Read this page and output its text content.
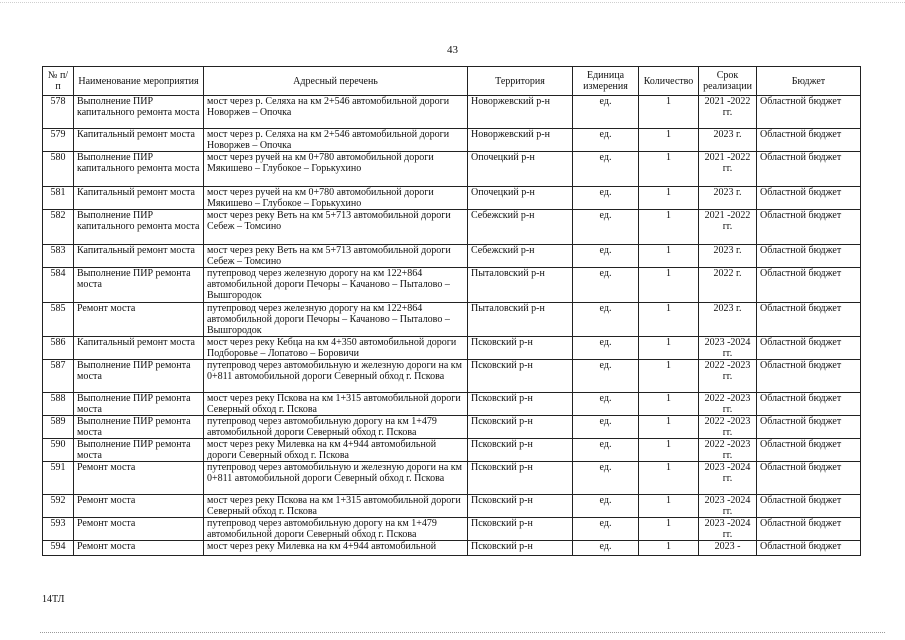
43
№ п/п	Наименование мероприятия	Адресный перечень	Территория	Единица измерения	Количество	Срок реализации	Бюджет
578	Выполнение ПИР капитального ремонта моста	мост через р. Селяха на км 2+546 автомобильной дороги Новоржев – Опочка	Новоржевский р-н	ед.	1	2021 -2022 гг.	Областной бюджет
579	Капитальный ремонт моста	мост через р. Селяха на км 2+546 автомобильной дороги Новоржев – Опочка	Новоржевский р-н	ед.	1	2023 г.	Областной бюджет
580	Выполнение ПИР капитального ремонта моста	мост через ручей на км 0+780 автомобильной дороги Мякишево – Глубокое – Горькухино	Опочецкий р-н	ед.	1	2021 -2022 гг.	Областной бюджет
581	Капитальный ремонт моста	мост через ручей на км 0+780 автомобильной дороги Мякишево – Глубокое – Горькухино	Опочецкий р-н	ед.	1	2023 г.	Областной бюджет
582	Выполнение ПИР капитального ремонта моста	мост через реку Веть на км 5+713 автомобильной дороги Себеж – Томсино	Себежский р-н	ед.	1	2021 -2022 гг.	Областной бюджет
583	Капитальный ремонт моста	мост через реку Веть на км 5+713 автомобильной дороги Себеж – Томсино	Себежский р-н	ед.	1	2023 г.	Областной бюджет
584	Выполнение ПИР ремонта моста	путепровод через железную дорогу на км 122+864 автомобильной дороги Печоры – Качаново – Пыталово – Вышгородок	Пыталовский р-н	ед.	1	2022 г.	Областной бюджет
585	Ремонт моста	путепровод через железную дорогу на км 122+864 автомобильной дороги Печоры – Качаново – Пыталово – Вышгородок	Пыталовский р-н	ед.	1	2023 г.	Областной бюджет
586	Капитальный ремонт моста	мост через реку Кебца на км 4+350 автомобильной дороги Подборовье – Лопатово – Боровичи	Псковский р-н	ед.	1	2023 -2024 гг.	Областной бюджет
587	Выполнение ПИР ремонта моста	путепровод через автомобильную и железную дороги на км 0+811 автомобильной дороги Северный обход г. Пскова	Псковский р-н	ед.	1	2022 -2023 гг.	Областной бюджет
588	Выполнение ПИР ремонта моста	мост через реку Пскова на км 1+315 автомобильной дороги Северный обход г. Пскова	Псковский р-н	ед.	1	2022 -2023 гг.	Областной бюджет
589	Выполнение ПИР ремонта моста	путепровод через автомобильную дорогу на км 1+479 автомобильной дороги Северный обход г. Пскова	Псковский р-н	ед.	1	2022 -2023 гг.	Областной бюджет
590	Выполнение ПИР ремонта моста	мост через реку Милевка на км 4+944 автомобильной дороги Северный обход г. Пскова	Псковский р-н	ед.	1	2022 -2023 гг.	Областной бюджет
591	Ремонт моста	путепровод через автомобильную и железную дороги на км 0+811 автомобильной дороги Северный обход г. Пскова	Псковский р-н	ед.	1	2023 -2024 гг.	Областной бюджет
592	Ремонт моста	мост через реку Пскова на км 1+315 автомобильной дороги Северный обход г. Пскова	Псковский р-н	ед.	1	2023 -2024 гг.	Областной бюджет
593	Ремонт моста	путепровод через автомобильную дорогу на км 1+479 автомобильной дороги Северный обход г. Пскова	Псковский р-н	ед.	1	2023 -2024 гг.	Областной бюджет
594	Ремонт моста	мост через реку Милевка на км 4+944 автомобильной	Псковский р-н	ед.	1	2023 -	Областной бюджет
14ТЛ
